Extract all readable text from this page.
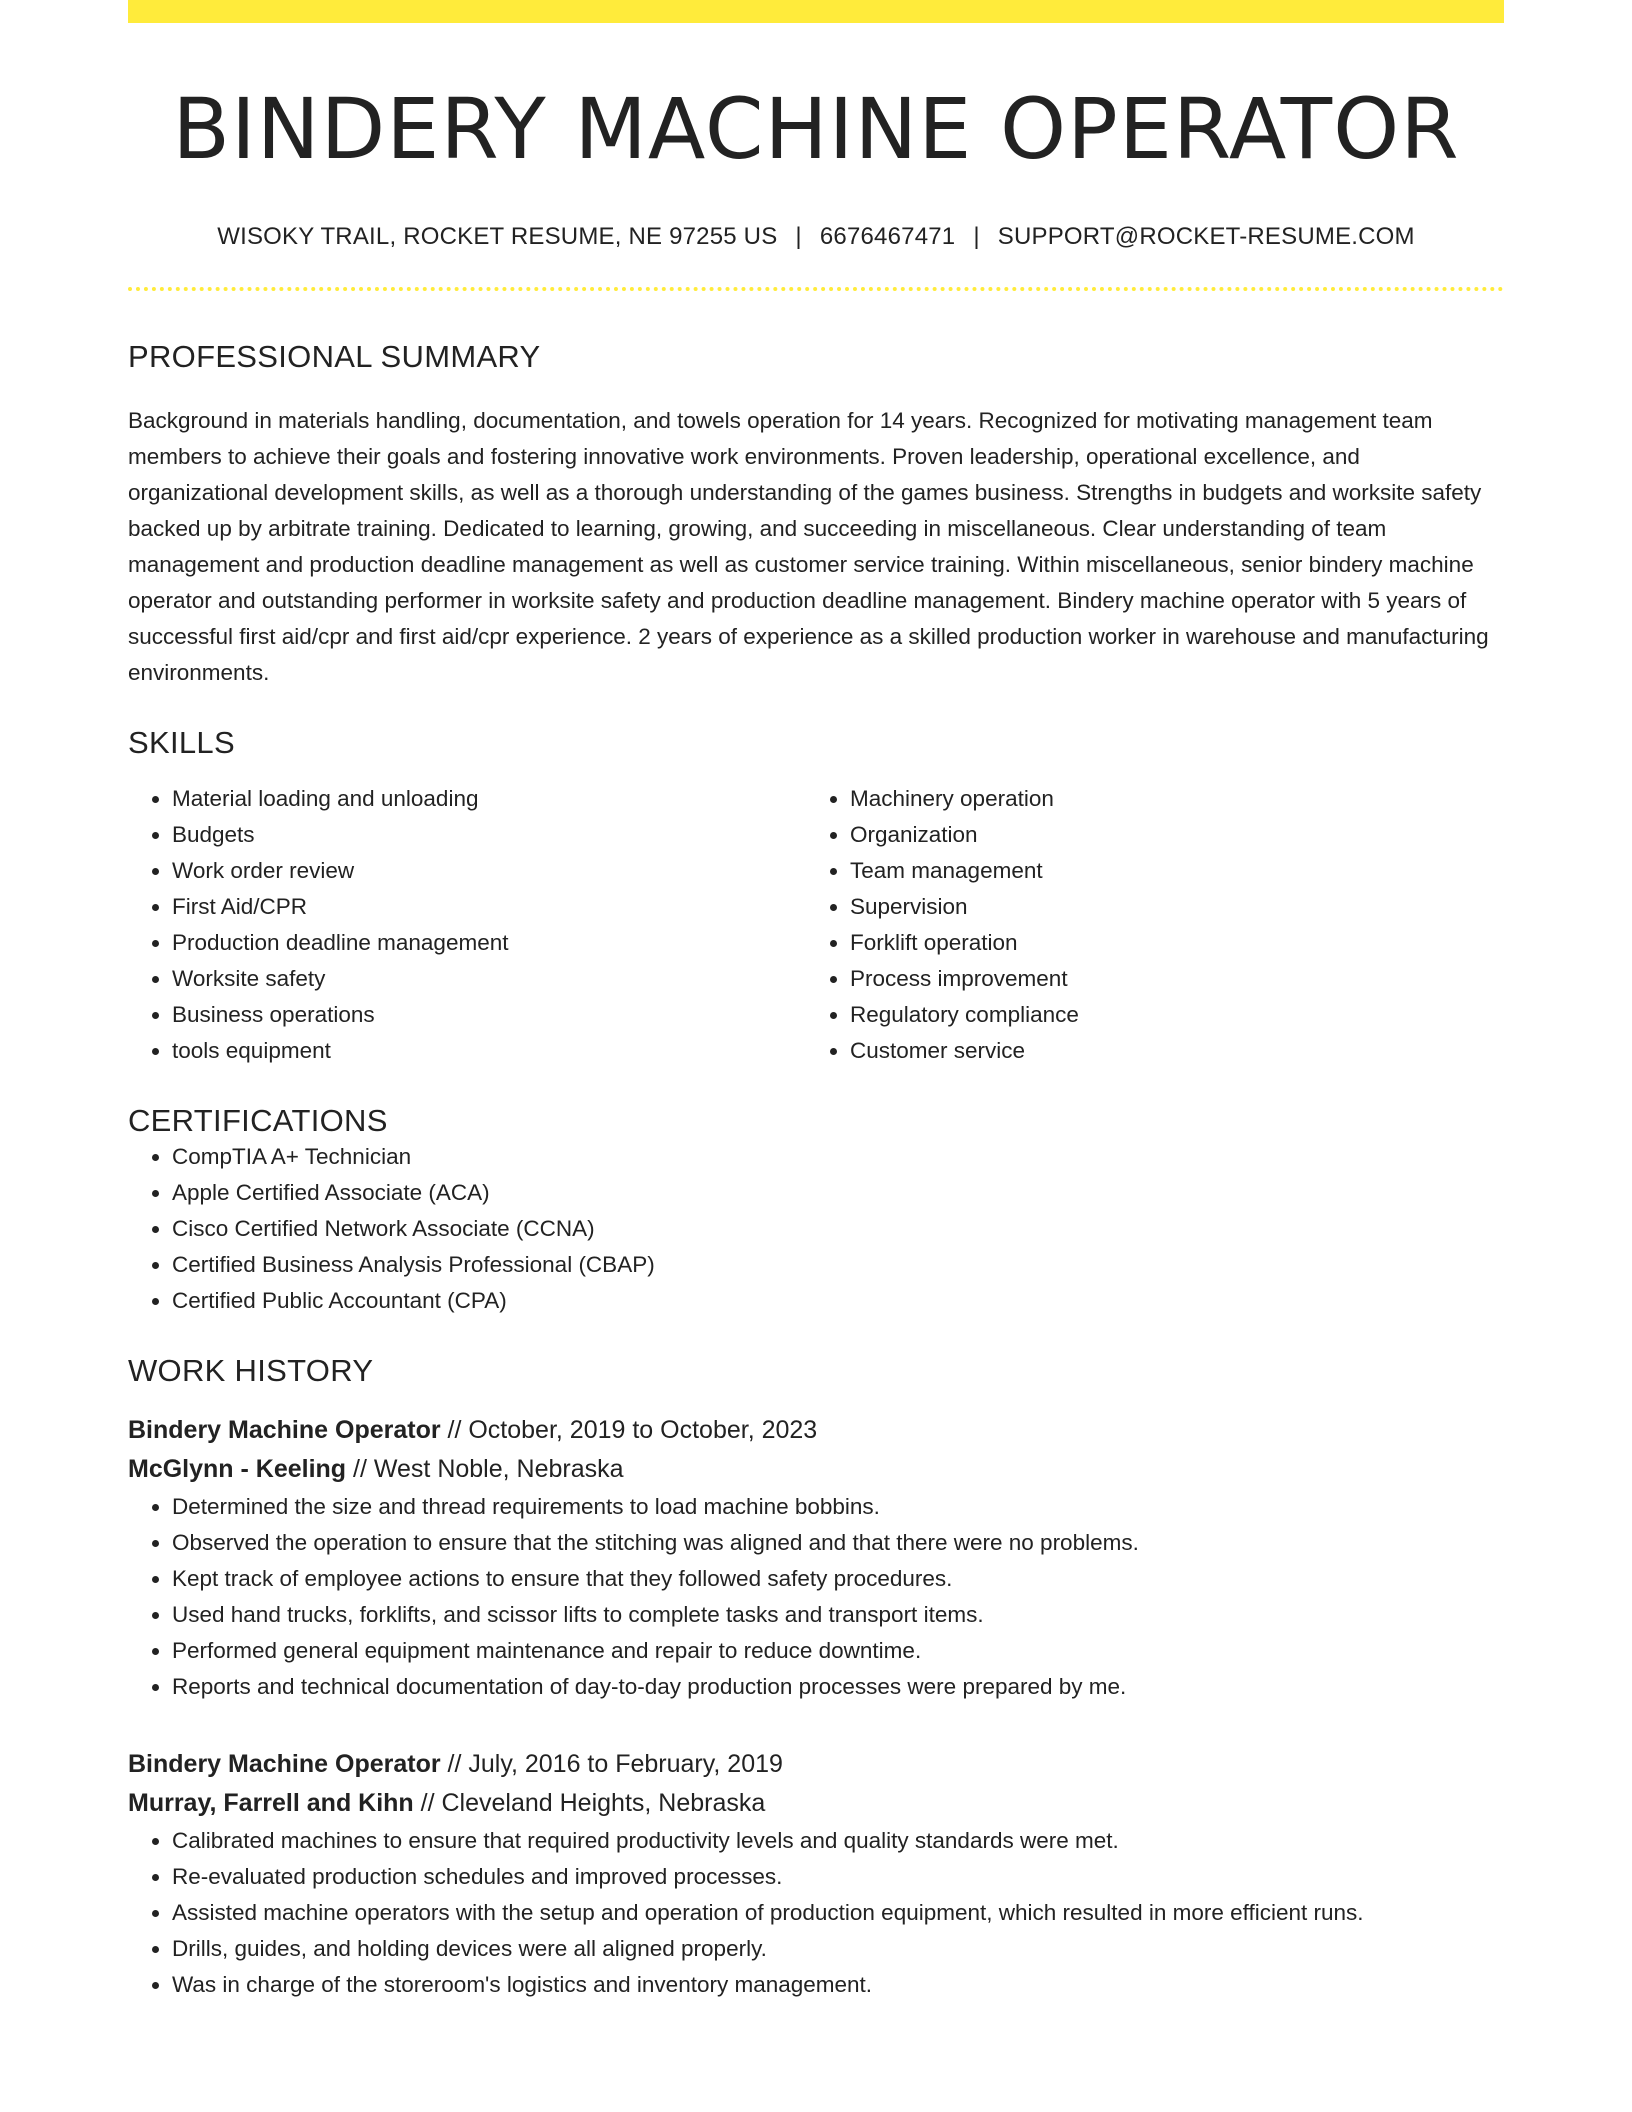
BINDERY MACHINE OPERATOR
WISOKY TRAIL, ROCKET RESUME, NE 97255 US | 6676467471 | SUPPORT@ROCKET-RESUME.COM
PROFESSIONAL SUMMARY

Background in materials handling, documentation, and towels operation for 14 years. Recognized for motivating management team members to achieve their goals and fostering innovative work environments. Proven leadership, operational excellence, and organizational development skills, as well as a thorough understanding of the games business. Strengths in budgets and worksite safety backed up by arbitrate training. Dedicated to learning, growing, and succeeding in miscellaneous. Clear understanding of team management and production deadline management as well as customer service training. Within miscellaneous, senior bindery machine operator and outstanding performer in worksite safety and production deadline management. Bindery machine operator with 5 years of successful first aid/cpr and first aid/cpr experience. 2 years of experience as a skilled production worker in warehouse and manufacturing environments.

SKILLS
• Material loading and unloading
• Budgets
• Work order review
• First Aid/CPR
• Production deadline management
• Worksite safety
• Business operations
• tools equipment
• Machinery operation
• Organization
• Team management
• Supervision
• Forklift operation
• Process improvement
• Regulatory compliance
• Customer service
CERTIFICATIONS
• CompTIA A+ Technician
• Apple Certified Associate (ACA)
• Cisco Certified Network Associate (CCNA)
• Certified Business Analysis Professional (CBAP)
• Certified Public Accountant (CPA)
WORK HISTORY
Bindery Machine Operator // October, 2019 to October, 2023
McGlynn - Keeling // West Noble, Nebraska
• Determined the size and thread requirements to load machine bobbins.
• Observed the operation to ensure that the stitching was aligned and that there were no problems.
• Kept track of employee actions to ensure that they followed safety procedures.
• Used hand trucks, forklifts, and scissor lifts to complete tasks and transport items.
• Performed general equipment maintenance and repair to reduce downtime.
• Reports and technical documentation of day-to-day production processes were prepared by me.
Bindery Machine Operator // July, 2016 to February, 2019
Murray, Farrell and Kihn // Cleveland Heights, Nebraska
• Calibrated machines to ensure that required productivity levels and quality standards were met.
• Re-evaluated production schedules and improved processes.
• Assisted machine operators with the setup and operation of production equipment, which resulted in more efficient runs.
• Drills, guides, and holding devices were all aligned properly.
• Was in charge of the storeroom's logistics and inventory management.
